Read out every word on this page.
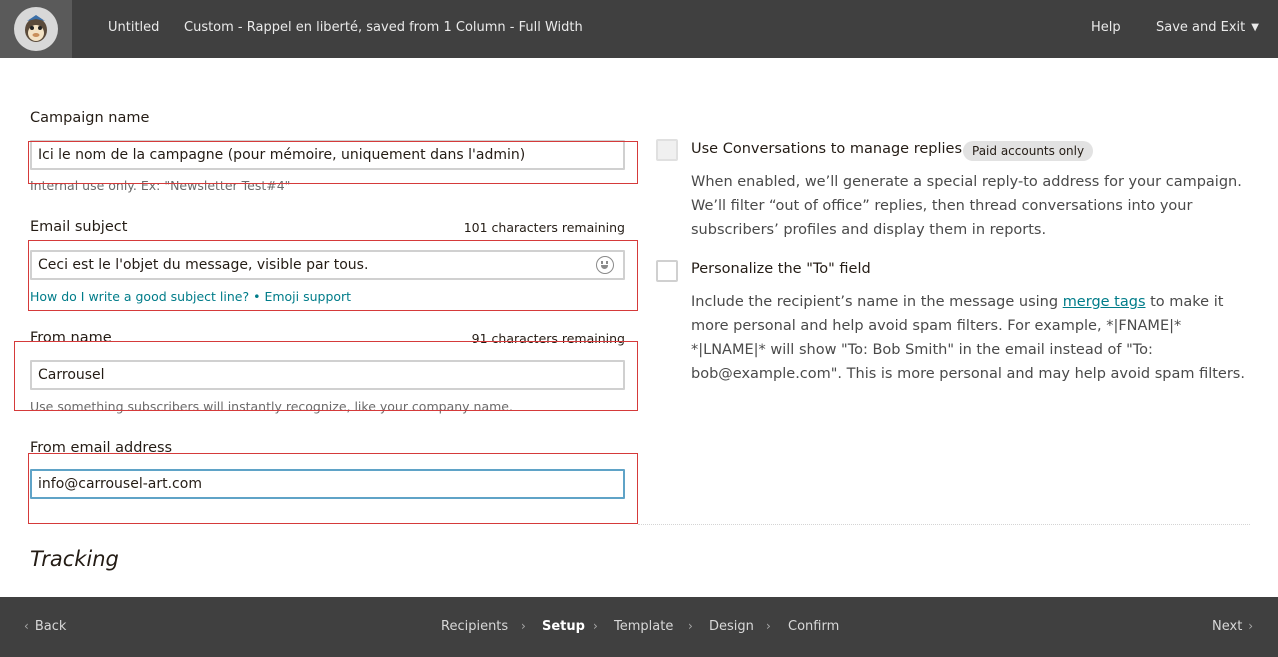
Untitled Custom - Rappel en liberté, saved from 1 Column - Full Width	Help	Save and Exit ▼

Campaign name
Ici le nom de la campagne (pour mémoire, uniquement dans l'admin)
Internal use only. Ex: "Newsletter Test#4"
Email subject	101 characters remaining
Ceci est le l'objet du message, visible par tous.
How do I write a good subject line? • Emoji support
From name	91 characters remaining
Carrousel
Use something subscribers will instantly recognize, like your company name.
From email address
info@carrousel-art.com
Use Conversations to manage replies Paid accounts only

When enabled, we’ll generate a special reply-to address for your campaign. We’ll filter “out of office” replies, then thread conversations into your subscribers’ profiles and display them in reports.

Personalize the "To" field

Include the recipient’s name in the message using merge tags to make it more personal and help avoid spam filters. For example, *|FNAME|* *|LNAME|* will show "To: Bob Smith" in the email instead of "To: bob@example.com". This is more personal and may help avoid spam filters.

Tracking
‹ Back	Recipients › Setup › Template › Design › Confirm	Next ›
